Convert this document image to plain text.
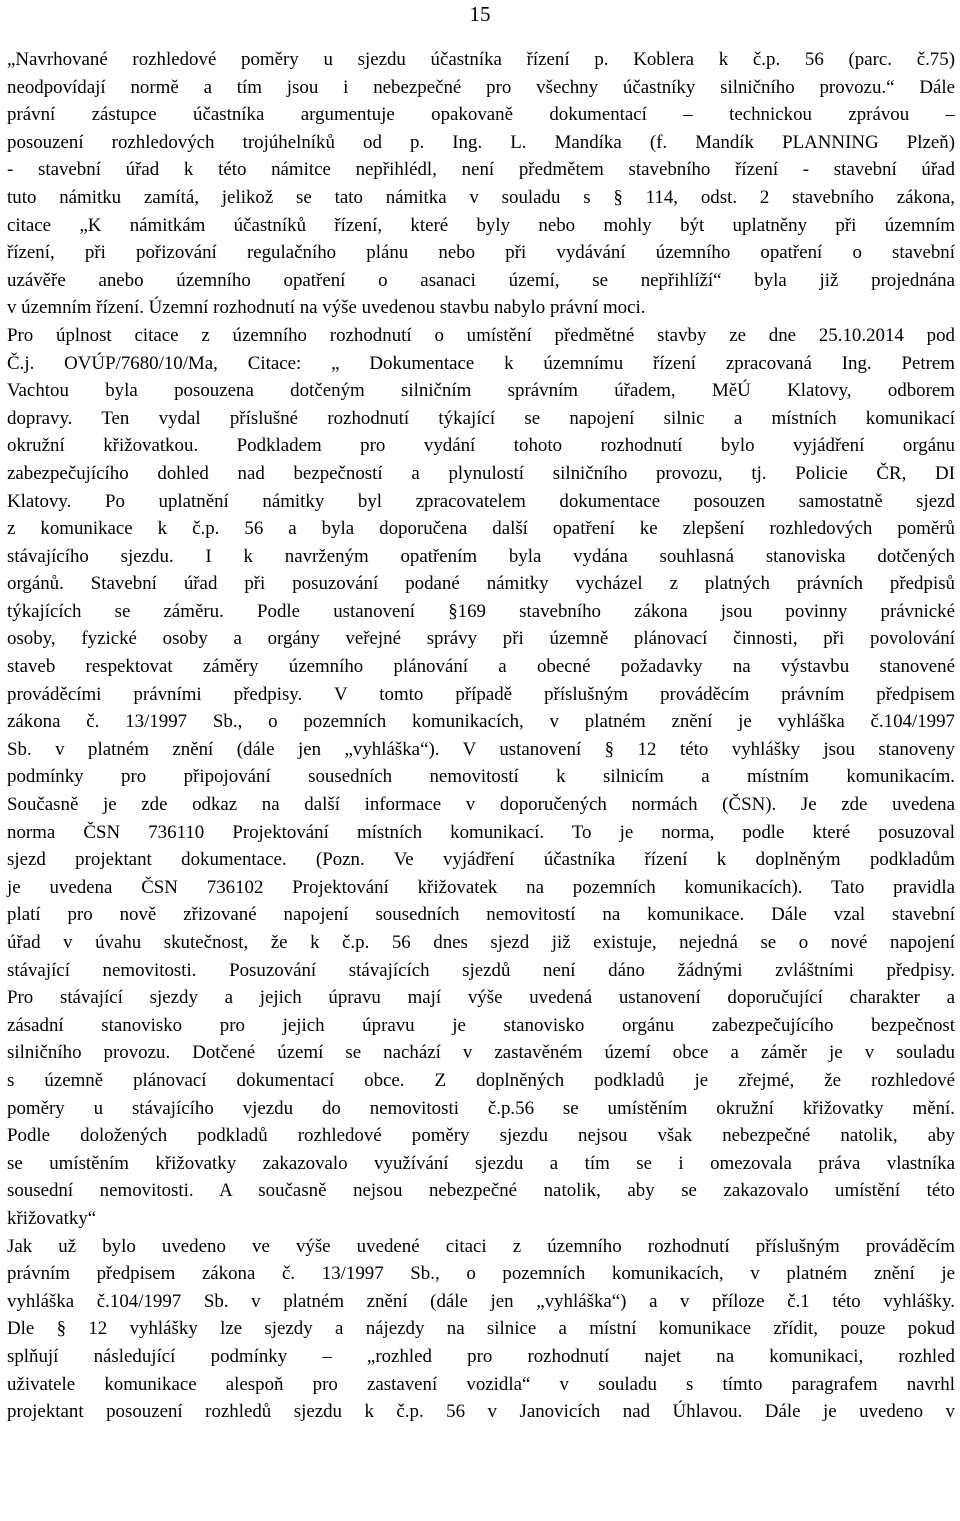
15
„Navrhované rozhledové poměry u sjezdu účastníka řízení p. Koblera k č.p. 56 (parc. č.75)
neodpovídají normě a tím jsou i nebezpečné pro všechny účastníky silničního provozu.“ Dále
právní zástupce účastníka argumentuje opakovaně dokumentací – technickou zprávou –
posouzení rozhledových trojúhelníků od p. Ing. L. Mandíka (f. Mandík PLANNING Plzeň)
- stavební úřad k této námitce nepřihlédl, není předmětem stavebního řízení - stavební úřad
tuto námitku zamítá, jelikož se tato námitka v souladu s § 114, odst. 2 stavebního zákona,
citace „K námitkám účastníků řízení, které byly nebo mohly být uplatněny při územním
řízení, při pořizování regulačního plánu nebo při vydávání územního opatření o stavební
uzávěře anebo územního opatření o asanaci území, se nepřihlíží“ byla již projednána
v územním řízení. Územní rozhodnutí na výše uvedenou stavbu nabylo právní moci.
Pro úplnost citace z územního rozhodnutí o umístění předmětné stavby ze dne 25.10.2014 pod
Č.j. OVÚP/7680/10/Ma, Citace: „ Dokumentace k územnímu řízení zpracovaná Ing. Petrem
Vachtou byla posouzena dotčeným silničním správním úřadem, MěÚ Klatovy, odborem
dopravy. Ten vydal příslušné rozhodnutí týkající se napojení silnic a místních komunikací
okružní křižovatkou. Podkladem pro vydání tohoto rozhodnutí bylo vyjádření orgánu
zabezpečujícího dohled nad bezpečností a plynulostí silničního provozu, tj. Policie ČR, DI
Klatovy. Po uplatnění námitky byl zpracovatelem dokumentace posouzen samostatně sjezd
z komunikace k č.p. 56 a byla doporučena další opatření ke zlepšení rozhledových poměrů
stávajícího sjezdu. I k navrženým opatřením byla vydána souhlasná stanoviska dotčených
orgánů. Stavební úřad při posuzování podané námitky vycházel z platných právních předpisů
týkajících se záměru. Podle ustanovení §169 stavebního zákona jsou povinny právnické
osoby, fyzické osoby a orgány veřejné správy při územně plánovací činnosti, při povolování
staveb respektovat záměry územního plánování a obecné požadavky na výstavbu stanovené
prováděcími právními předpisy. V tomto případě příslušným prováděcím právním předpisem
zákona č. 13/1997 Sb., o pozemních komunikacích, v platném znění je vyhláška č.104/1997
Sb. v platném znění (dále jen „vyhláška“). V ustanovení § 12 této vyhlášky jsou stanoveny
podmínky pro připojování sousedních nemovitostí k silnicím a místním komunikacím.
Současně je zde odkaz na další informace v doporučených normách (ČSN). Je zde uvedena
norma ČSN 736110 Projektování místních komunikací. To je norma, podle které posuzoval
sjezd projektant dokumentace. (Pozn. Ve vyjádření účastníka řízení k doplněným podkladům
je uvedena ČSN 736102 Projektování křižovatek na pozemních komunikacích). Tato pravidla
platí pro nově zřizované napojení sousedních nemovitostí na komunikace. Dále vzal stavební
úřad v úvahu skutečnost, že k č.p. 56 dnes sjezd již existuje, nejedná se o nové napojení
stávající nemovitosti. Posuzování stávajících sjezdů není dáno žádnými zvláštními předpisy.
Pro stávající sjezdy a jejich úpravu mají výše uvedená ustanovení doporučující charakter a
zásadní stanovisko pro jejich úpravu je stanovisko orgánu zabezpečujícího bezpečnost
silničního provozu. Dotčené území se nachází v zastavěném území obce a záměr je v souladu
s územně plánovací dokumentací obce. Z doplněných podkladů je zřejmé, že rozhledové
poměry u stávajícího vjezdu do nemovitosti č.p.56 se umístěním okružní křižovatky mění.
Podle doložených podkladů rozhledové poměry sjezdu nejsou však nebezpečné natolik, aby
se umístěním křižovatky zakazovalo využívání sjezdu a tím se i omezovala práva vlastníka
sousední nemovitosti. A současně nejsou nebezpečné natolik, aby se zakazovalo umístění této
křižovatky“
Jak už bylo uvedeno ve výše uvedené citaci z územního rozhodnutí příslušným prováděcím
právním předpisem zákona č. 13/1997 Sb., o pozemních komunikacích, v platném znění je
vyhláška č.104/1997 Sb. v platném znění (dále jen „vyhláška“) a v příloze č.1 této vyhlášky.
Dle § 12 vyhlášky lze sjezdy a nájezdy na silnice a místní komunikace zřídit, pouze pokud
splňují následující podmínky – „rozhled pro rozhodnutí najet na komunikaci, rozhled
uživatele komunikace alespoň pro zastavení vozidla“ v souladu s tímto paragrafem navrhl
projektant posouzení rozhledů sjezdu k č.p. 56 v Janovicích nad Úhlavou. Dále je uvedeno v
